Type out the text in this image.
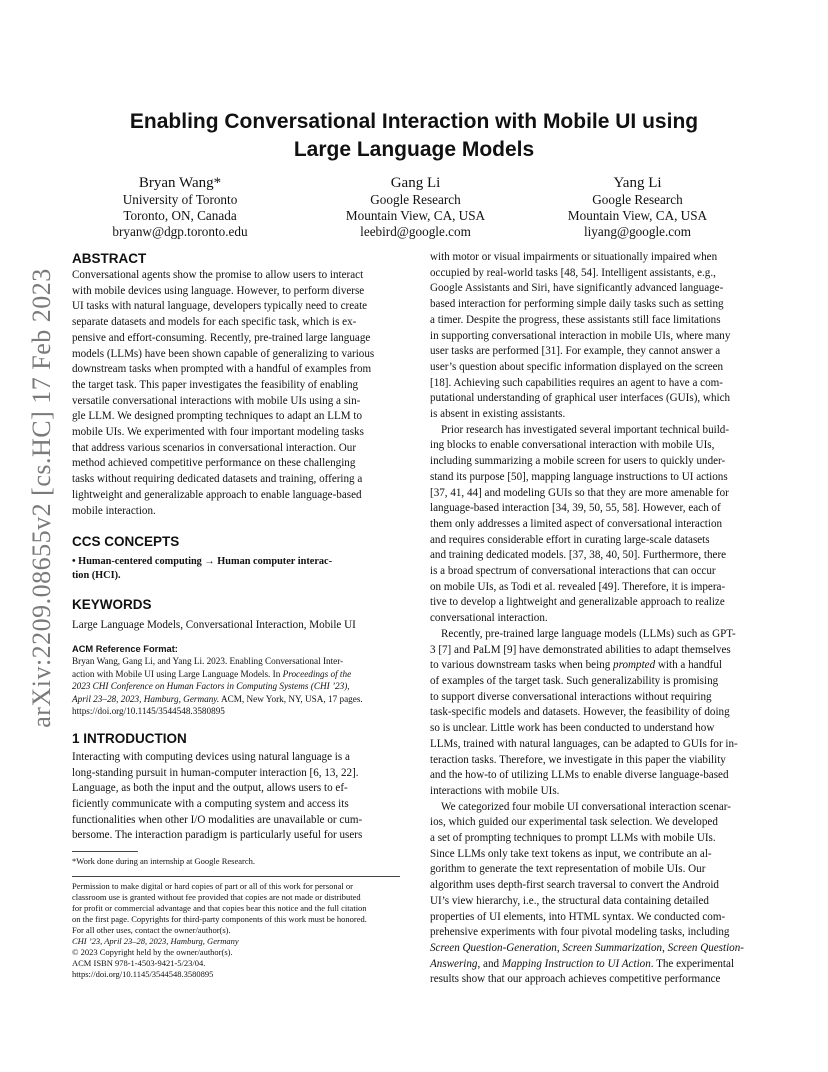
arXiv:2209.08655v2 [cs.HC] 17 Feb 2023
Enabling Conversational Interaction with Mobile UI using
Large Language Models
Bryan Wang*
University of Toronto
Toronto, ON, Canada
bryanw@dgp.toronto.edu
Gang Li
Google Research
Mountain View, CA, USA
leebird@google.com
Yang Li
Google Research
Mountain View, CA, USA
liyang@google.com
ABSTRACT

Conversational agents show the promise to allow users to interact
with mobile devices using language. However, to perform diverse
UI tasks with natural language, developers typically need to create
separate datasets and models for each specific task, which is ex-
pensive and effort-consuming. Recently, pre-trained large language
models (LLMs) have been shown capable of generalizing to various
downstream tasks when prompted with a handful of examples from
the target task. This paper investigates the feasibility of enabling
versatile conversational interactions with mobile UIs using a sin-
gle LLM. We designed prompting techniques to adapt an LLM to
mobile UIs. We experimented with four important modeling tasks
that address various scenarios in conversational interaction. Our
method achieved competitive performance on these challenging
tasks without requiring dedicated datasets and training, offering a
lightweight and generalizable approach to enable language-based
mobile interaction.

CCS CONCEPTS
• Human-centered computing → Human computer interac-
tion (HCI).
KEYWORDS
Large Language Models, Conversational Interaction, Mobile UI
ACM Reference Format:
Bryan Wang, Gang Li, and Yang Li. 2023. Enabling Conversational Inter-
action with Mobile UI using Large Language Models. In Proceedings of the
2023 CHI Conference on Human Factors in Computing Systems (CHI ’23),
April 23–28, 2023, Hamburg, Germany. ACM, New York, NY, USA, 17 pages.
https://doi.org/10.1145/3544548.3580895
1 INTRODUCTION

Interacting with computing devices using natural language is a
long-standing pursuit in human-computer interaction [6, 13, 22].
Language, as both the input and the output, allows users to ef-
ficiently communicate with a computing system and access its
functionalities when other I/O modalities are unavailable or cum-
bersome. The interaction paradigm is particularly useful for users

*Work done during an internship at Google Research.
Permission to make digital or hard copies of part or all of this work for personal or
classroom use is granted without fee provided that copies are not made or distributed
for profit or commercial advantage and that copies bear this notice and the full citation
on the first page. Copyrights for third-party components of this work must be honored.
For all other uses, contact the owner/author(s).
CHI ’23, April 23–28, 2023, Hamburg, Germany
© 2023 Copyright held by the owner/author(s).
ACM ISBN 978-1-4503-9421-5/23/04.
https://doi.org/10.1145/3544548.3580895

with motor or visual impairments or situationally impaired when
occupied by real-world tasks [48, 54]. Intelligent assistants, e.g.,
Google Assistants and Siri, have significantly advanced language-
based interaction for performing simple daily tasks such as setting
a timer. Despite the progress, these assistants still face limitations
in supporting conversational interaction in mobile UIs, where many
user tasks are performed [31]. For example, they cannot answer a
user’s question about specific information displayed on the screen
[18]. Achieving such capabilities requires an agent to have a com-
putational understanding of graphical user interfaces (GUIs), which
is absent in existing assistants.

Prior research has investigated several important technical build-
ing blocks to enable conversational interaction with mobile UIs,
including summarizing a mobile screen for users to quickly under-
stand its purpose [50], mapping language instructions to UI actions
[37, 41, 44] and modeling GUIs so that they are more amenable for
language-based interaction [34, 39, 50, 55, 58]. However, each of
them only addresses a limited aspect of conversational interaction
and requires considerable effort in curating large-scale datasets
and training dedicated models. [37, 38, 40, 50]. Furthermore, there
is a broad spectrum of conversational interactions that can occur
on mobile UIs, as Todi et al. revealed [49]. Therefore, it is impera-
tive to develop a lightweight and generalizable approach to realize
conversational interaction.

Recently, pre-trained large language models (LLMs) such as GPT-
3 [7] and PaLM [9] have demonstrated abilities to adapt themselves
to various downstream tasks when being prompted with a handful
of examples of the target task. Such generalizability is promising
to support diverse conversational interactions without requiring
task-specific models and datasets. However, the feasibility of doing
so is unclear. Little work has been conducted to understand how
LLMs, trained with natural languages, can be adapted to GUIs for in-
teraction tasks. Therefore, we investigate in this paper the viability
and the how-to of utilizing LLMs to enable diverse language-based
interactions with mobile UIs.

We categorized four mobile UI conversational interaction scenar-
ios, which guided our experimental task selection. We developed
a set of prompting techniques to prompt LLMs with mobile UIs.
Since LLMs only take text tokens as input, we contribute an al-
gorithm to generate the text representation of mobile UIs. Our
algorithm uses depth-first search traversal to convert the Android
UI’s view hierarchy, i.e., the structural data containing detailed
properties of UI elements, into HTML syntax. We conducted com-
prehensive experiments with four pivotal modeling tasks, including
Screen Question-Generation, Screen Summarization, Screen Question-
Answering, and Mapping Instruction to UI Action. The experimental
results show that our approach achieves competitive performance
